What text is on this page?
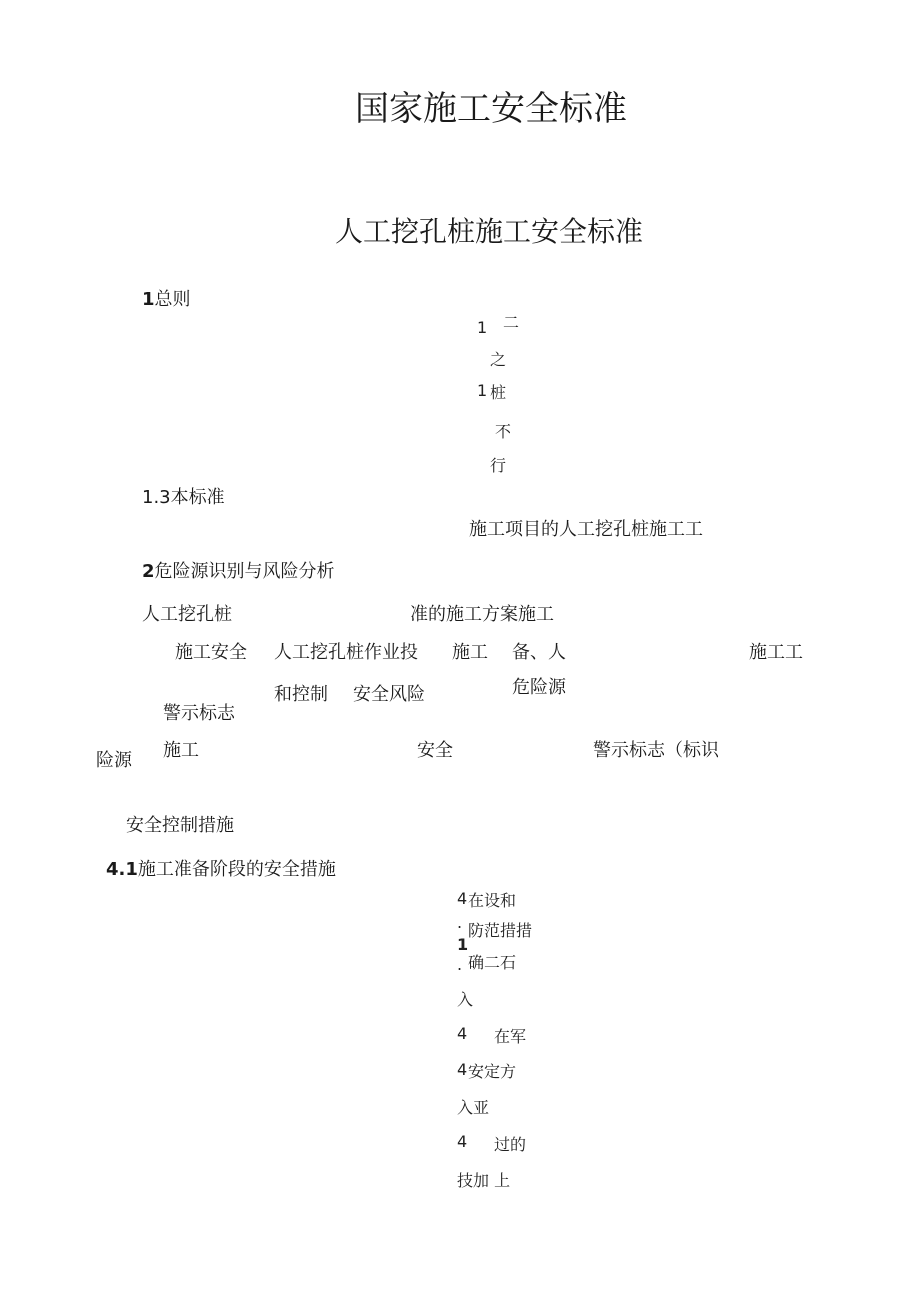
国家施工安全标准
人工挖孔桩施工安全标准
1总则
1 二
之
1 桩
不
行
1.3本标准
施工项目的人工挖孔桩施工工
2危险源识别与风险分析
人工挖孔桩	准的施工方案施工
施工安全 人工挖孔桩作业投 施工 备、人	施工工
和控制	安全风险	危险源
警示标志
险源 施工	安全	警示标志（标识
安全控制措施
4.1施工准备阶段的安全措施
4 在设和
. 防范措措
1
. 确二石
入
4 在军
4 安定方
入亚
4 过的
技加 上
